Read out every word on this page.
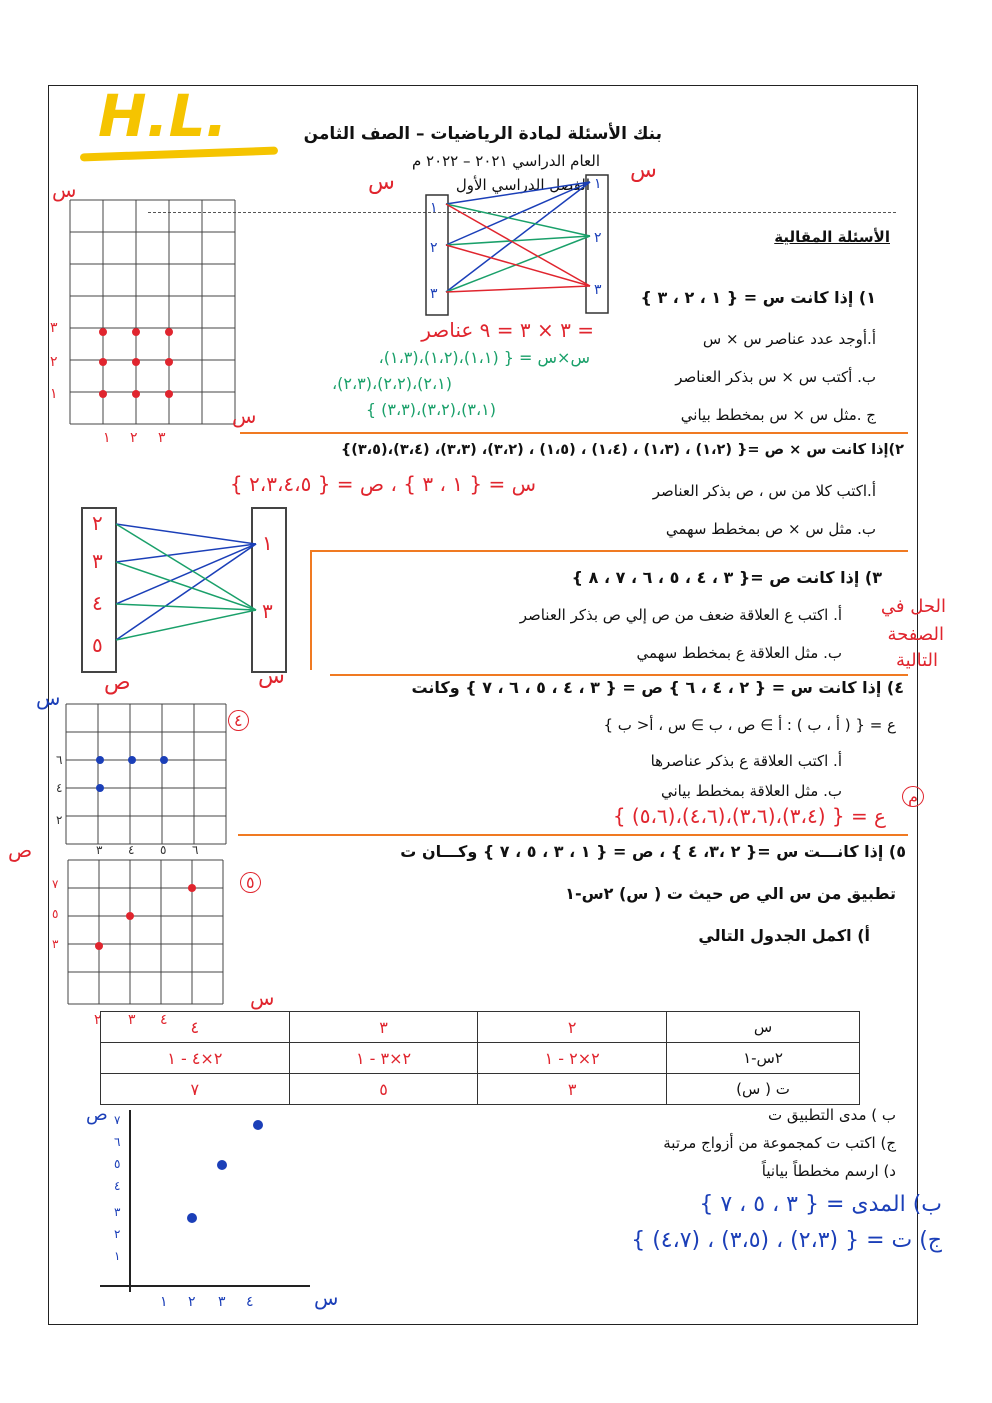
H.L.	بنك الأسئلة لمادة الرياضيات – الصف الثامن
العام الدراسي ٢٠٢١ – ٢٠٢٢ م
الفصل الدراسي الأول
الأسئلة المقالية
١
٢
٣
١
٢
٣
س
س
٣
٢
١
١ ٢ ٣
س
س
١) إذا كانت س = { ١ ، ٢ ، ٣ }
أ.أوجد عدد عناصر س × س
= ٣ × ٣ = ٩ عناصر
ب. أكتب س × س بذكر العناصر
س×س = { (١،١)،(١،٢)،(١،٣)،
(٢،١)،(٢،٢)،(٢،٣)،
(٣،١)،(٣،٢)،(٣،٣) }	ج .مثل س × س بمخطط بياني
٢)إذا كانت س × ص ={ (١،٢) ، (١،٣) ، (١،٤) ، (١،٥) ، (٣،٢)، (٣،٣)، (٣،٤)،(٣،٥)}
أ.اكتب كلا من س ، ص بذكر العناصر
س = { ١ ، ٣ } ، ص = { ٢،٣،٤،٥ }
ب. مثل س × ص بمخطط سهمي
٢
٣
٤
٥
١
٣
ص	س
٣) إذا كانت ص ={ ٣ ، ٤ ، ٥ ، ٦ ، ٧ ، ٨ }
أ. اكتب ع العلاقة ضعف من ص إلي ص بذكر العناصر
ب. مثل العلاقة ع بمخطط سهمي
الحل في
الصفحة
التالية
٤) إذا كانت س = { ٢ ، ٤ ، ٦ } ص = { ٣ ، ٤ ، ٥ ، ٦ ، ٧ } وكانت
ع = { ( أ ، ب ) : أ ∋ ص ، ب ∋ س ، أ< ب }
أ. اكتب العلاقة ع بذكر عناصرها
ب. مثل العلاقة بمخطط بياني	م
ع = { (٣،٤)،(٣،٦)،(٤،٦)،(٥،٦) }
٦
٤
٢
٣ ٤ ٥ ٦
س
٤
٥) إذا كانـــت س ={ ٢ ،٣، ٤ } ، ص = { ١ ، ٣ ، ٥ ، ٧ } وكـــان ت
تطبيق من س الي ص حيث ت ( س) ٢س-١
أ) اكمل الجدول التالي
٧
٥
٣
٢ ٣ ٤
ص
س
٥
س	٢	٣	٤
٢س-١	٢×٢ - ١	٢×٣ - ١	٢×٤ - ١
ت ( س)	٣	٥	٧
ب ) مدى التطبيق ت
ج) اكتب ت كمجموعة من أزواج مرتبة
د) ارسم مخططاً بيانياً
ب) المدى = { ٣ ، ٥ ، ٧ }
ج) ت = { (٢،٣) ، (٣،٥) ، (٤،٧) }
٧
٦
٥
٤
٣
٢
١
١ ٢ ٣ ٤
ص
س
